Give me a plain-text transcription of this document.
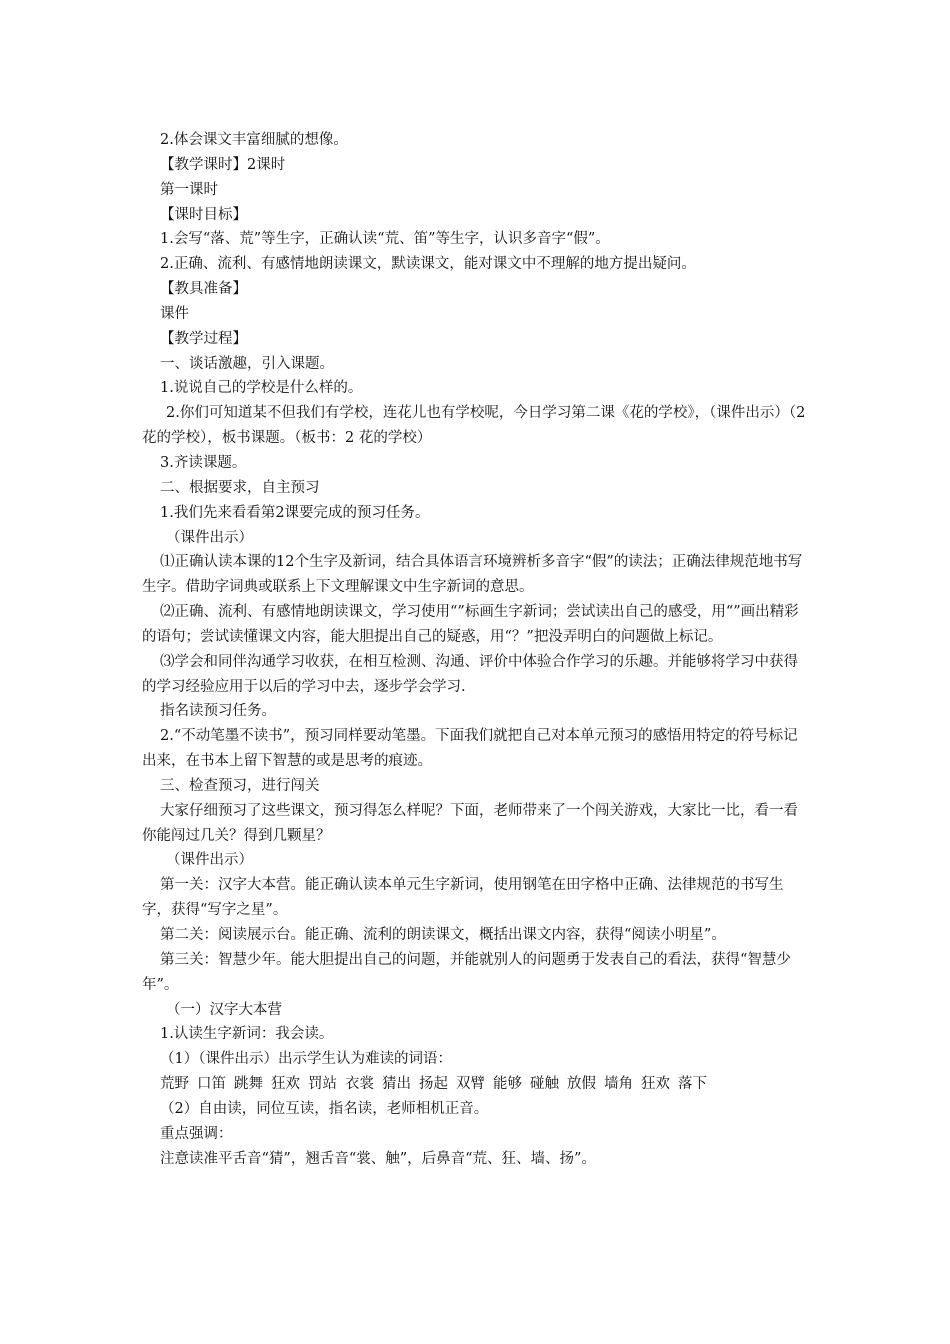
2.体会课文丰富细腻的想像。

【教学课时】2课时

第一课时

【课时目标】

1.会写“落、荒”等生字，正确认读“荒、笛”等生字，认识多音字“假”。

2.正确、流利、有感情地朗读课文，默读课文，能对课文中不理解的地方提出疑问。

【教具准备】

课件

【教学过程】

一、谈话激趣，引入课题。

1.说说自己的学校是什么样的。

2.你们可知道某不但我们有学校，连花儿也有学校呢，今日学习第二课《花的学校》，（课件出示）（2 花的学校），板书课题。（板书：2 花的学校）

3.齐读课题。

二、根据要求，自主预习

1.我们先来看看第2课要完成的预习任务。

（课件出示）

⑴正确认读本课的12个生字及新词，结合具体语言环境辨析多音字“假”的读法；正确法律规范地书写生字。借助字词典或联系上下文理解课文中生字新词的意思。

⑵正确、流利、有感情地朗读课文，学习使用“”标画生字新词；尝试读出自己的感受，用“”画出精彩的语句；尝试读懂课文内容，能大胆提出自己的疑惑，用“？”把没弄明白的问题做上标记。

⑶学会和同伴沟通学习收获，在相互检测、沟通、评价中体验合作学习的乐趣。并能够将学习中获得的学习经验应用于以后的学习中去，逐步学会学习.

指名读预习任务。

2.“不动笔墨不读书”，预习同样要动笔墨。下面我们就把自己对本单元预习的感悟用特定的符号标记出来，在书本上留下智慧的或是思考的痕迹。

三、检查预习，进行闯关

大家仔细预习了这些课文，预习得怎么样呢？下面，老师带来了一个闯关游戏，大家比一比，看一看你能闯过几关？得到几颗星？

（课件出示）

第一关：汉字大本营。能正确认读本单元生字新词，使用钢笔在田字格中正确、法律规范的书写生字，获得“写字之星”。

第二关：阅读展示台。能正确、流利的朗读课文，概括出课文内容，获得“阅读小明星”。

第三关：智慧少年。能大胆提出自己的问题，并能就别人的问题勇于发表自己的看法，获得“智慧少年”。

（一）汉字大本营

1.认读生字新词：我会读。

（1）（课件出示）出示学生认为难读的词语：

荒野 口笛 跳舞 狂欢 罚站 衣裳 猜出 扬起 双臂 能够 碰触 放假 墙角 狂欢 落下

（2）自由读，同位互读，指名读，老师相机正音。

重点强调：

注意读准平舌音“猜”，翘舌音“裳、触”，后鼻音“荒、狂、墙、扬”。
